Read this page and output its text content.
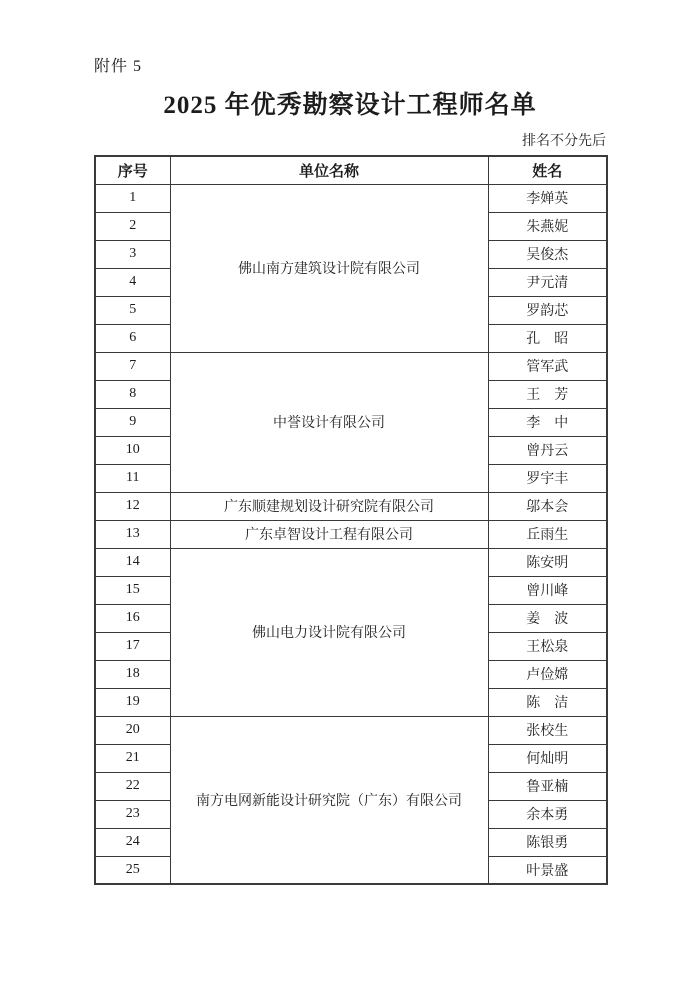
附件 5
2025 年优秀勘察设计工程师名单
排名不分先后
序号	单位名称	姓名
1	佛山南方建筑设计院有限公司	李婵英
2		朱燕妮
3		吴俊杰
4		尹元清
5		罗韵芯
6		孔　昭
7	中誉设计有限公司	管军武
8		王　芳
9		李　中
10		曾丹云
11		罗宇丰
12	广东顺建规划设计研究院有限公司	邬本会
13	广东卓智设计工程有限公司	丘雨生
14	佛山电力设计院有限公司	陈安明
15		曾川峰
16		姜　波
17		王松泉
18		卢俭嫦
19		陈　洁
20	南方电网新能设计研究院（广东）有限公司	张校生
21		何灿明
22		鲁亚楠
23		余本勇
24		陈银勇
25		叶景盛
